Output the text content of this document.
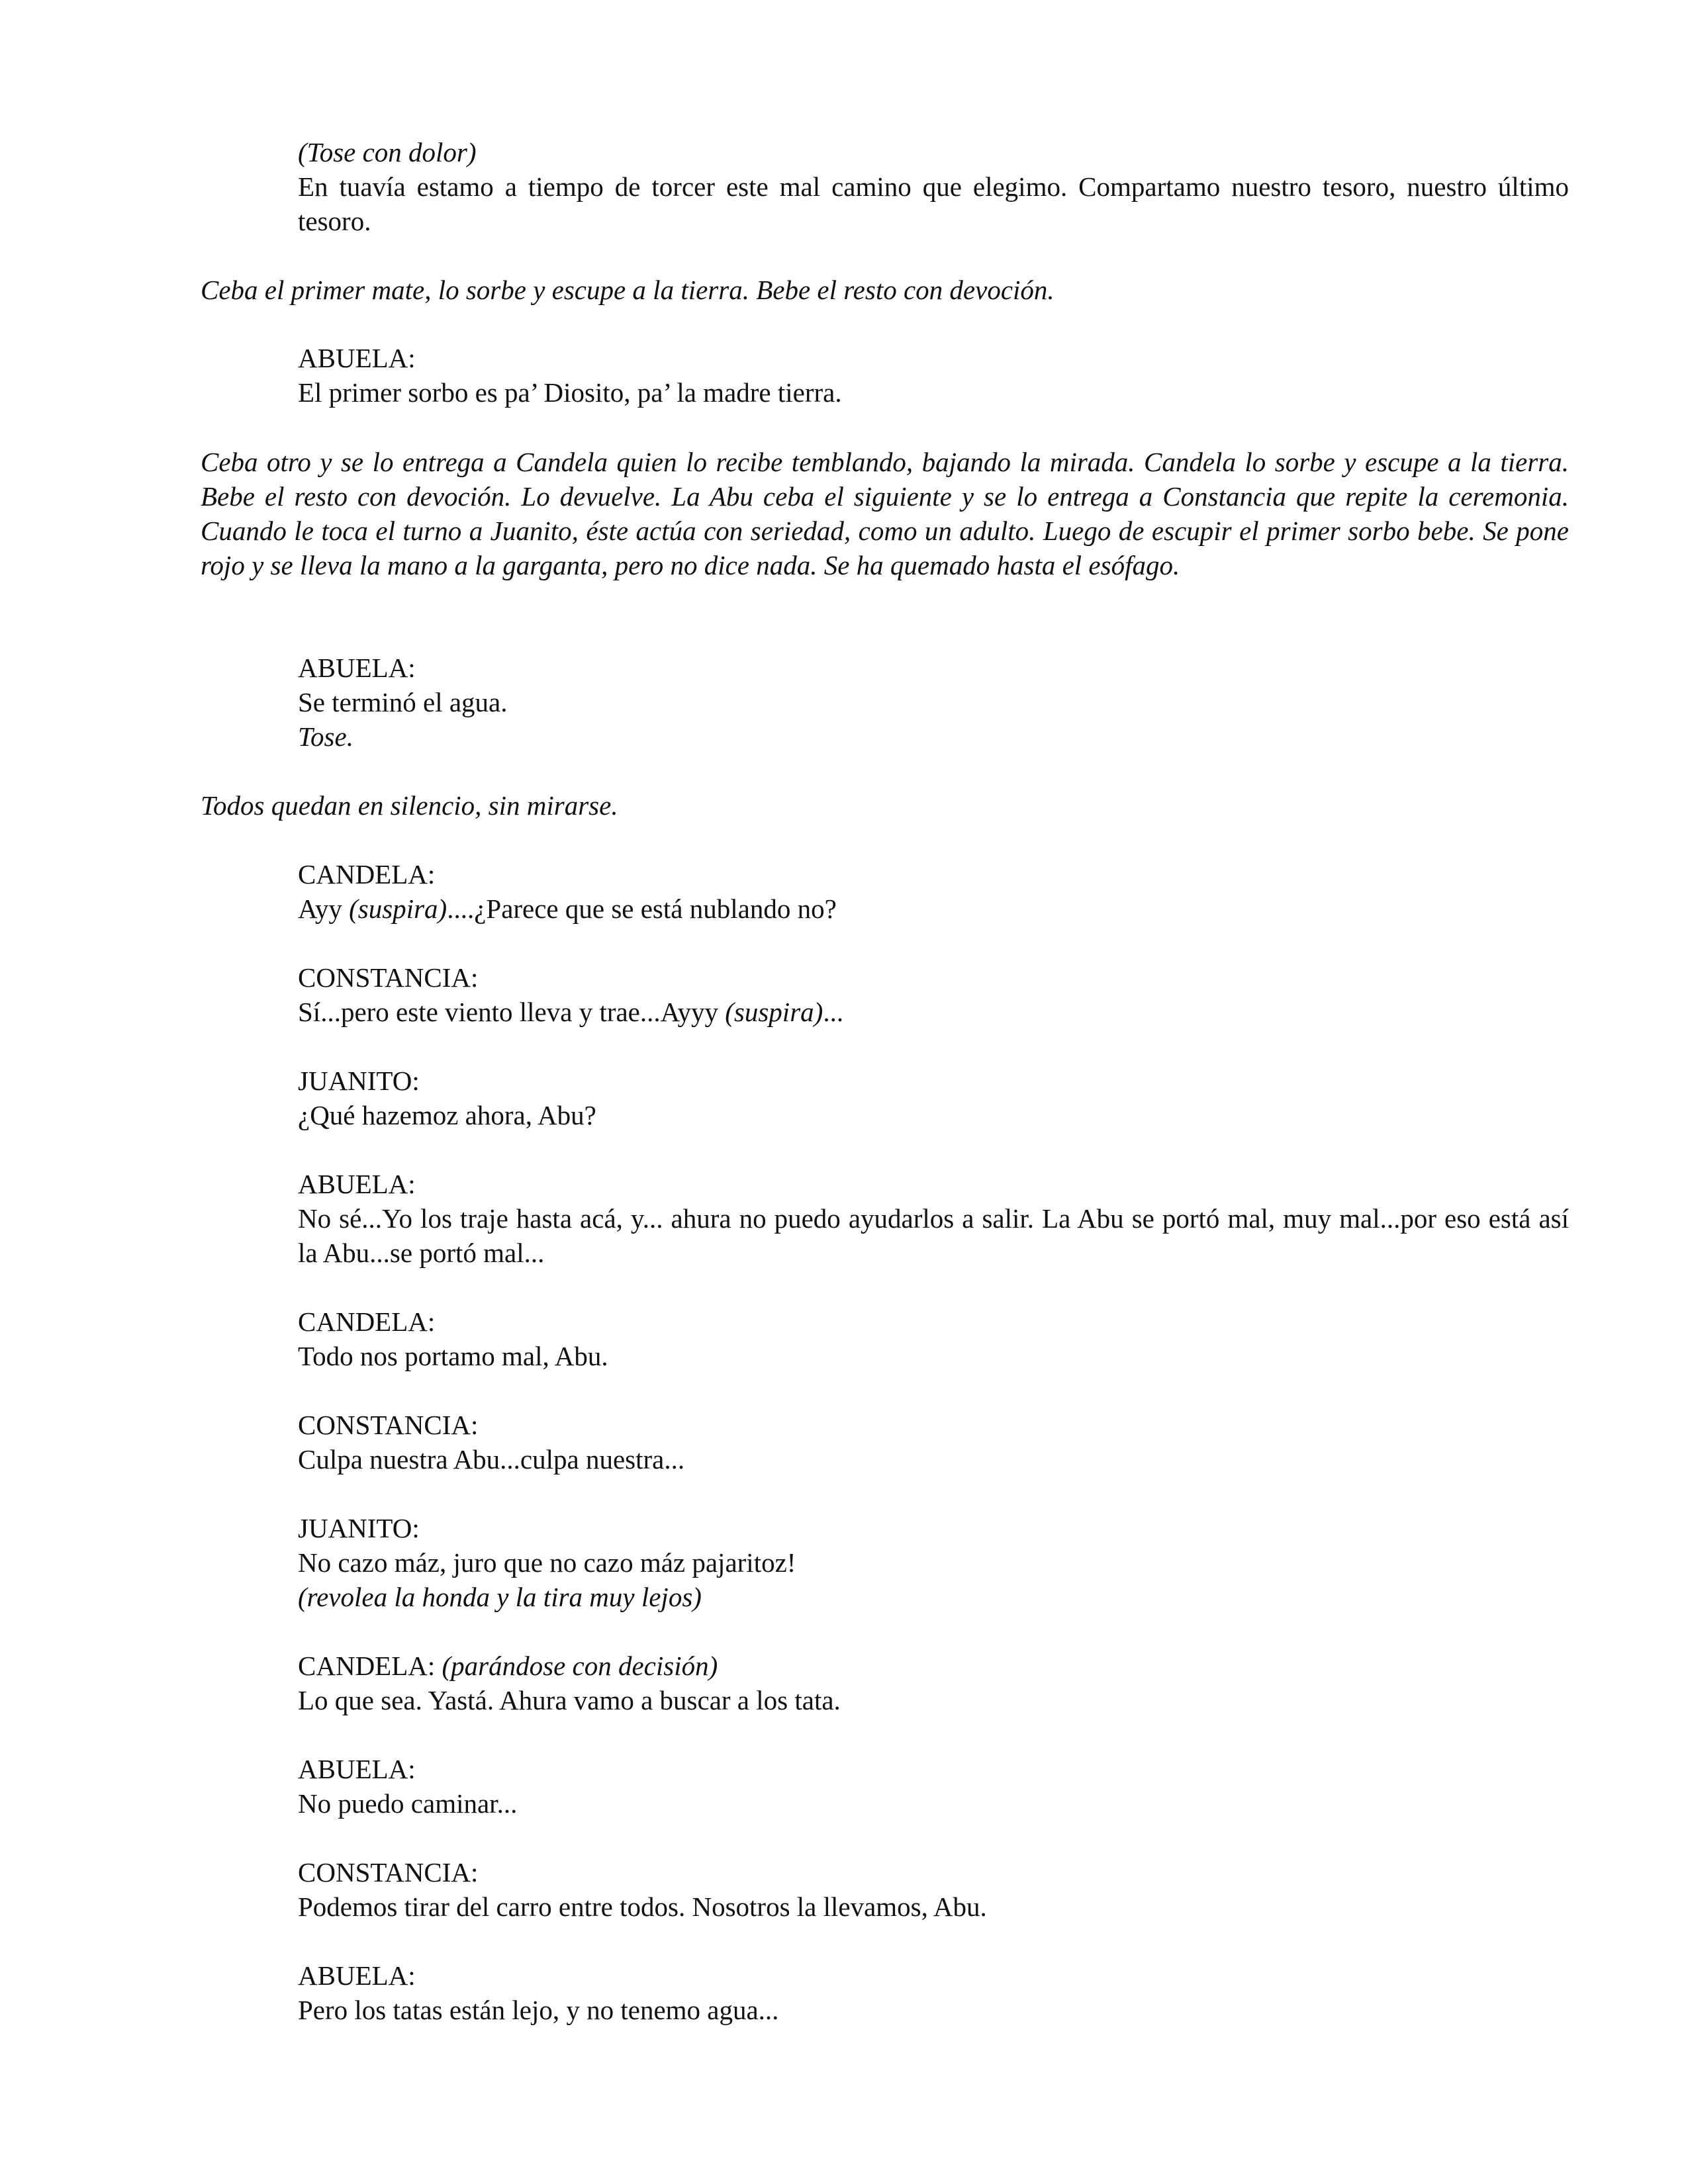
(Tose con dolor)
En tuavía estamo a tiempo de torcer este mal camino que elegimo. Compartamo nuestro tesoro, nuestro último tesoro.
Ceba el primer mate, lo sorbe y escupe a la tierra. Bebe el resto con devoción.
ABUELA:
El primer sorbo es pa’ Diosito, pa’ la madre tierra.
Ceba otro y se lo entrega a Candela quien lo recibe temblando, bajando la mirada. Candela lo sorbe y escupe a la tierra. Bebe el resto con devoción. Lo devuelve. La Abu ceba el siguiente y se lo entrega a Constancia que repite la ceremonia. Cuando le toca el turno a Juanito, éste actúa con seriedad, como un adulto. Luego de escupir el primer sorbo bebe. Se pone rojo y se lleva la mano a la garganta, pero no dice nada. Se ha quemado hasta el esófago.
ABUELA:
Se terminó el agua.
Tose.
Todos quedan en silencio, sin mirarse.
CANDELA:
Ayy (suspira)....¿Parece que se está nublando no?
CONSTANCIA:
Sí...pero este viento lleva y trae...Ayyy (suspira)...
JUANITO:
¿Qué hazemoz ahora, Abu?
ABUELA:
No sé...Yo los traje hasta acá, y... ahura no puedo ayudarlos a salir. La Abu se portó mal, muy mal...por eso está así la Abu...se portó mal...
CANDELA:
Todo nos portamo mal, Abu.
CONSTANCIA:
Culpa nuestra Abu...culpa nuestra...
JUANITO:
No cazo máz, juro que no cazo máz pajaritoz!
(revolea la honda y la tira muy lejos)
CANDELA: (parándose con decisión)
Lo que sea. Yastá. Ahura vamo a buscar a los tata.
ABUELA:
No puedo caminar...
CONSTANCIA:
Podemos tirar del carro entre todos. Nosotros la llevamos, Abu.
ABUELA:
Pero los tatas están lejo, y no tenemo agua...
